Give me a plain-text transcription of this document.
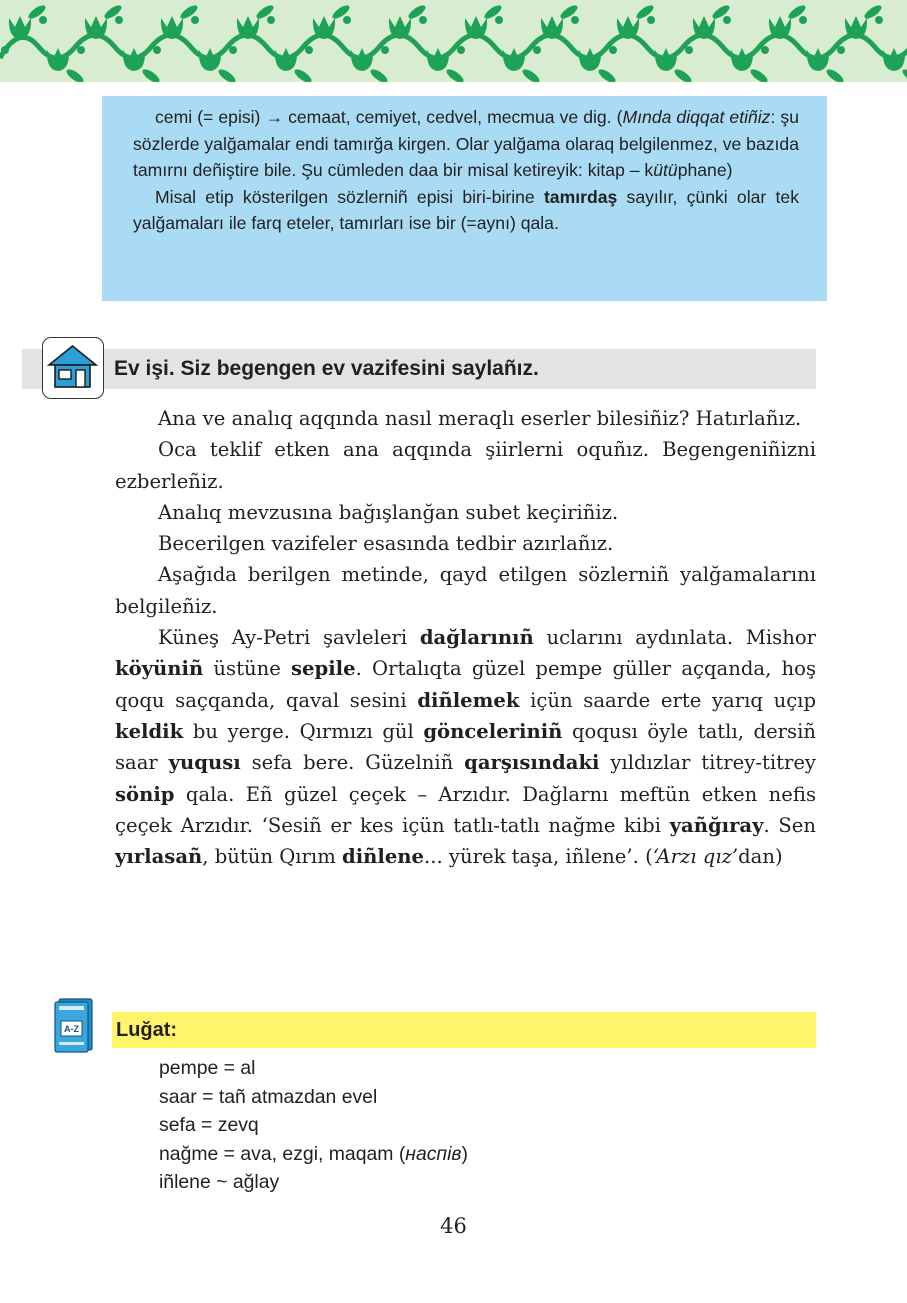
cemi (= episi) → cemaat, cemiyet, cedvel, mecmua ve dig. (Mında diqqat etiñiz: şu sözlerde yalğamalar endi tamırğa kirgen. Olar yalğama olaraq belgilenmez, ve bazıda tamırnı deñiştire bile. Şu cümleden daa bir misal ketireyik: kitap – kütüphane)

Misal etip kösterilgen sözlerniñ episi biri-birine tamırdaş sayılır, çünki olar tek yalğamaları ile farq eteler, tamırları ise bir (=aynı) qala.

Ev işi. Siz begengen ev vazifesini saylañız.

Ana ve analıq aqqında nasıl meraqlı eserler bilesiñiz? Hatırlañız.

Oca teklif etken ana aqqında şiirlerni oquñız. Begengeniñizni ezberleñiz.

Analıq mevzusına bağışlanğan subet keçiriñiz.

Becerilgen vazifeler esasında tedbir azırlañız.

Aşağıda berilgen metinde, qayd etilgen sözlerniñ yalğamalarını belgileñiz.

Küneş Ay-Petri şavleleri dağlarınıñ uclarını aydınlata. Mishor köyüniñ üstüne sepile. Ortalıqta güzel pempe güller açqanda, hoş qoqu saçqanda, qaval sesini diñlemek içün saarde erte yarıq uçıp keldik bu yerge. Qırmızı gül gönceleriniñ qoqusı öyle tatlı, dersiñ saar yuqusı sefa bere. Güzelniñ qarşısındaki yıldızlar titrey-titrey sönip qala. Eñ güzel çeçek – Arzıdır. Dağlarnı meftün etken nefis çeçek Arzıdır. ‘Sesiñ er kes içün tatlı-tatlı nağme kibi yañğıray. Sen yırlasañ, bütün Qırım diñlene... yürek taşa, iñlene’. (‘Arzı qız’dan)

A-Z Luğat:
pempe = al
saar = tañ atmazdan evel
sefa = zevq
nağme = ava, ezgi, maqam (наспів)
iñlene ~ ağlay
46
